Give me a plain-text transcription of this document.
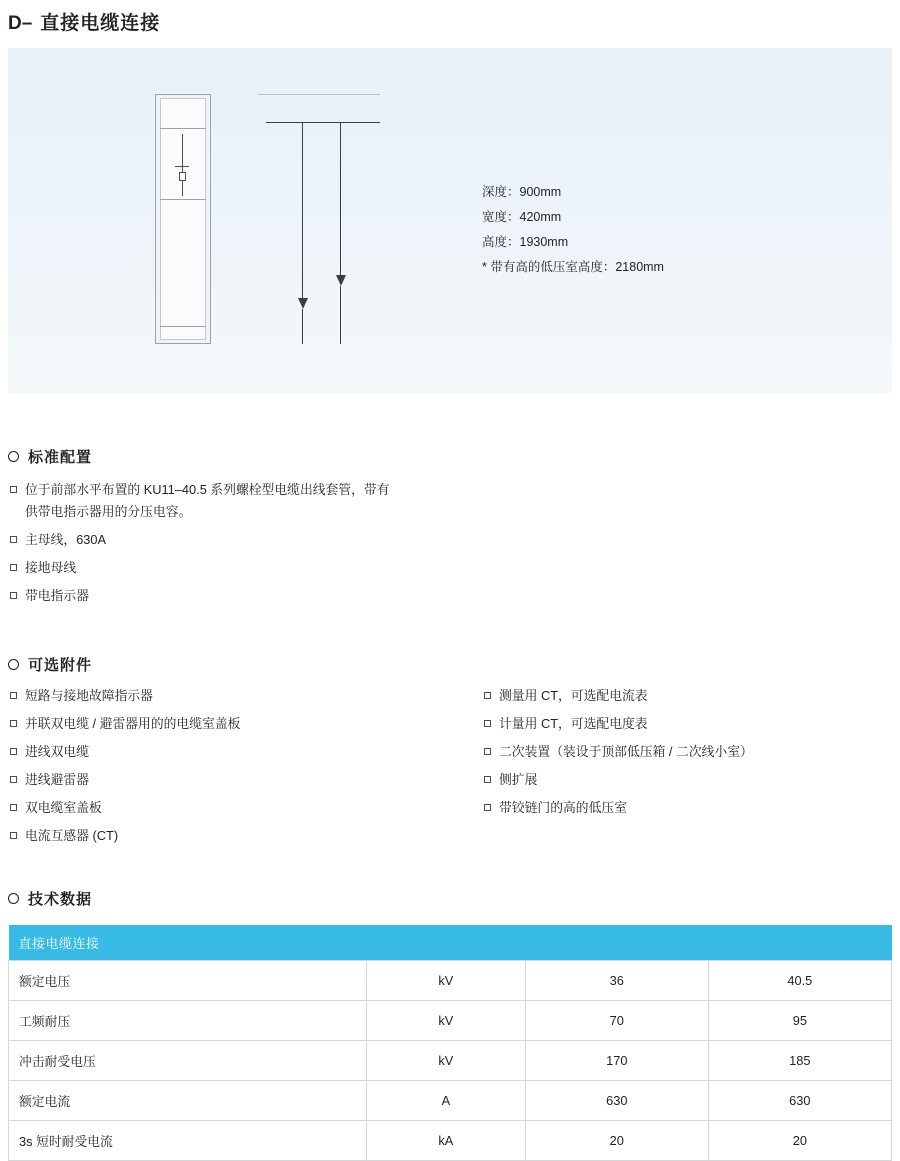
D– 直接电缆连接
深度：900mm
宽度：420mm
高度：1930mm
* 带有高的低压室高度：2180mm
标准配置
位于前部水平布置的 KU11–40.5 系列螺栓型电缆出线套管，带有
供带电指示器用的分压电容。
主母线，630A
接地母线
带电指示器
可选附件
短路与接地故障指示器
并联双电缆 / 避雷器用的的电缆室盖板
进线双电缆
进线避雷器
双电缆室盖板
电流互感器 (CT)
测量用 CT，可选配电流表
计量用 CT，可选配电度表
二次装置（装设于顶部低压箱 / 二次线小室）
侧扩展
带铰链门的高的低压室
技术数据
直接电缆连接			
额定电压	kV	36	40.5
工频耐压	kV	70	95
冲击耐受电压	kV	170	185
额定电流	A	630	630
3s 短时耐受电流	kA	20	20
